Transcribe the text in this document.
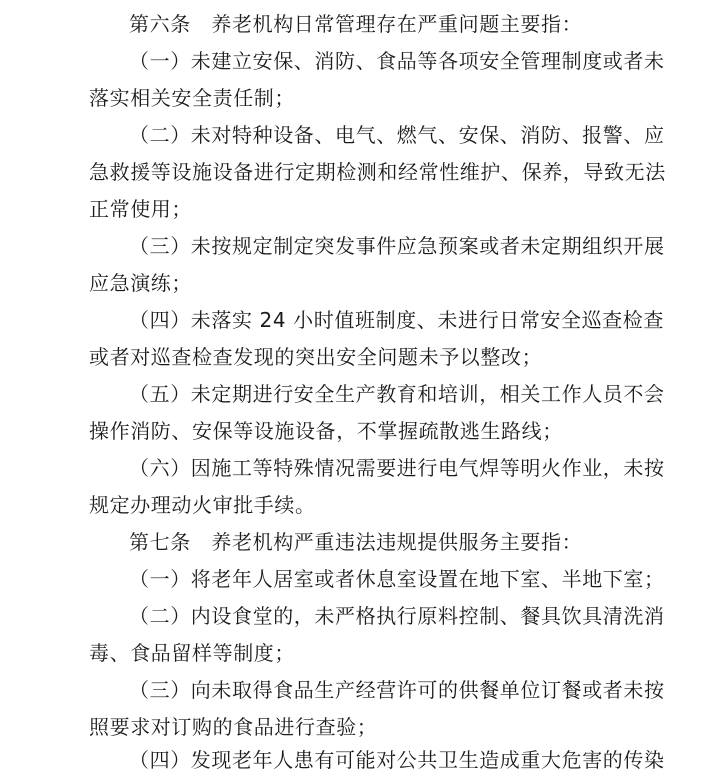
第六条　养老机构日常管理存在严重问题主要指：
（一）未建立安保、消防、食品等各项安全管理制度或者未
落实相关安全责任制；
（二）未对特种设备、电气、燃气、安保、消防、报警、应
急救援等设施设备进行定期检测和经常性维护、保养，导致无法
正常使用；
（三）未按规定制定突发事件应急预案或者未定期组织开展
应急演练；
（四）未落实 24 小时值班制度、未进行日常安全巡查检查
或者对巡查检查发现的突出安全问题未予以整改；
（五）未定期进行安全生产教育和培训，相关工作人员不会
操作消防、安保等设施设备，不掌握疏散逃生路线；
（六）因施工等特殊情况需要进行电气焊等明火作业，未按
规定办理动火审批手续。
第七条　养老机构严重违法违规提供服务主要指：
（一）将老年人居室或者休息室设置在地下室、半地下室；
（二）内设食堂的，未严格执行原料控制、餐具饮具清洗消
毒、食品留样等制度；
（三）向未取得食品生产经营许可的供餐单位订餐或者未按
照要求对订购的食品进行查验；
（四）发现老年人患有可能对公共卫生造成重大危害的传染
